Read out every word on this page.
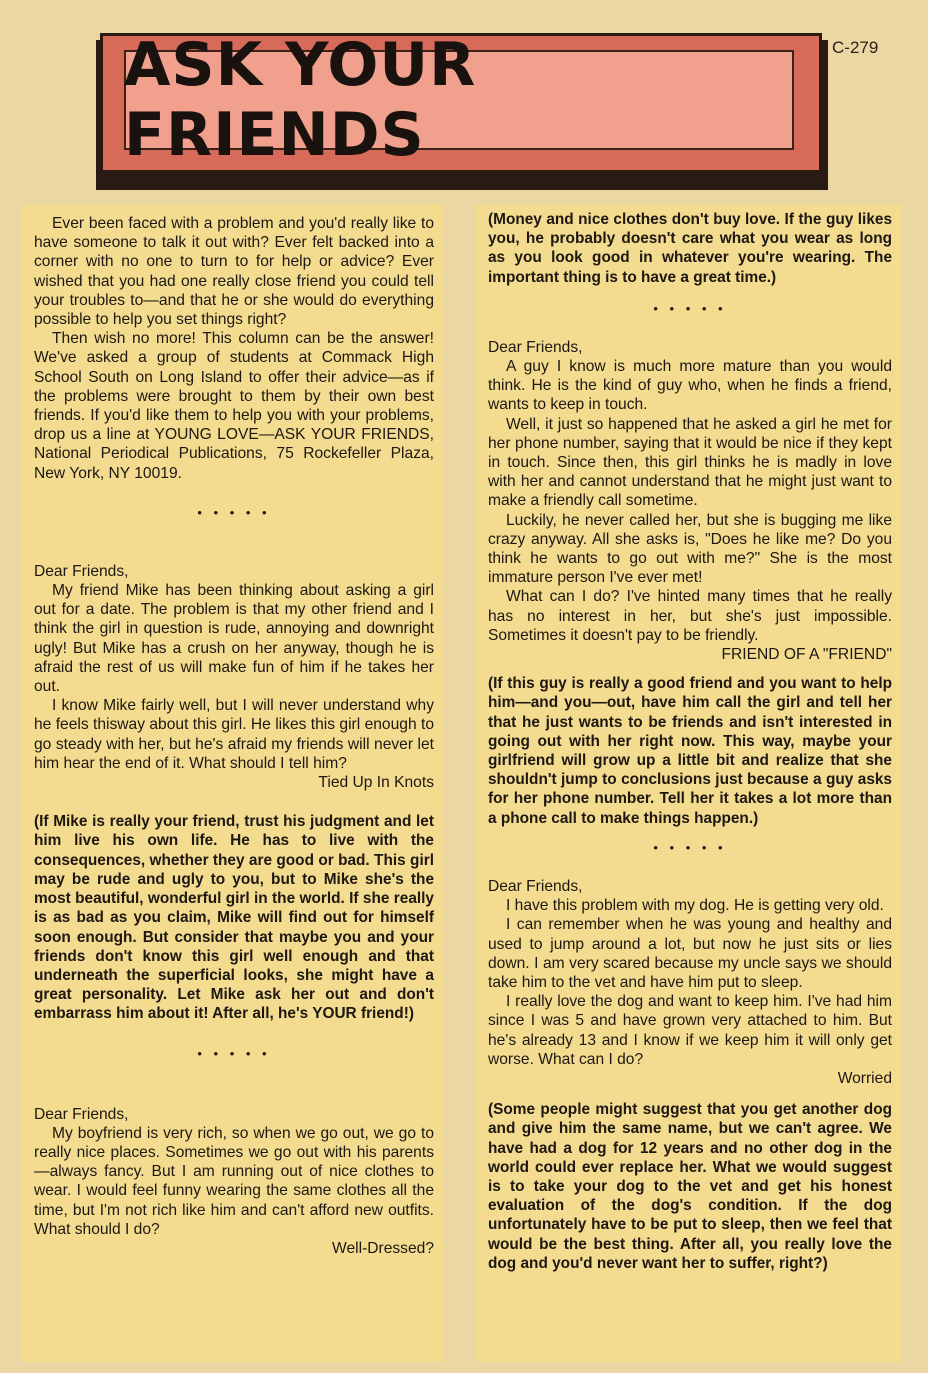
C-279
ASK YOUR FRIENDS

Ever been faced with a problem and you'd really like to have someone to talk it out with? Ever felt backed into a corner with no one to turn to for help or advice? Ever wished that you had one really close friend you could tell your troubles to—and that he or she would do everything possible to help you set things right?

Then wish no more! This column can be the answer! We've asked a group of students at Commack High School South on Long Island to offer their advice—as if the problems were brought to them by their own best friends. If you'd like them to help you with your problems, drop us a line at YOUNG LOVE—ASK YOUR FRIENDS, National Periodical Publications, 75 Rockefeller Plaza, New York, NY 10019.

• • • • •

Dear Friends,

My friend Mike has been thinking about asking a girl out for a date. The problem is that my other friend and I think the girl in question is rude, annoying and downright ugly! But Mike has a crush on her anyway, though he is afraid the rest of us will make fun of him if he takes her out.

I know Mike fairly well, but I will never understand why he feels thisway about this girl. He likes this girl enough to go steady with her, but he's afraid my friends will never let him hear the end of it. What should I tell him?

Tied Up In Knots

(If Mike is really your friend, trust his judgment and let him live his own life. He has to live with the consequences, whether they are good or bad. This girl may be rude and ugly to you, but to Mike she's the most beautiful, wonderful girl in the world. If she really is as bad as you claim, Mike will find out for himself soon enough. But consider that maybe you and your friends don't know this girl well enough and that underneath the superficial looks, she might have a great personality. Let Mike ask her out and don't embarrass him about it! After all, he's YOUR friend!)

• • • • •

Dear Friends,

My boyfriend is very rich, so when we go out, we go to really nice places. Sometimes we go out with his parents—always fancy. But I am running out of nice clothes to wear. I would feel funny wearing the same clothes all the time, but I'm not rich like him and can't afford new outfits. What should I do?

Well-Dressed?

(Money and nice clothes don't buy love. If the guy likes you, he probably doesn't care what you wear as long as you look good in whatever you're wearing. The important thing is to have a great time.)

• • • • •

Dear Friends,

A guy I know is much more mature than you would think. He is the kind of guy who, when he finds a friend, wants to keep in touch.

Well, it just so happened that he asked a girl he met for her phone number, saying that it would be nice if they kept in touch. Since then, this girl thinks he is madly in love with her and cannot understand that he might just want to make a friendly call sometime.

Luckily, he never called her, but she is bugging me like crazy anyway. All she asks is, "Does he like me? Do you think he wants to go out with me?" She is the most immature person I've ever met!

What can I do? I've hinted many times that he really has no interest in her, but she's just impossible. Sometimes it doesn't pay to be friendly.

FRIEND OF A "FRIEND"

(If this guy is really a good friend and you want to help him—and you—out, have him call the girl and tell her that he just wants to be friends and isn't interested in going out with her right now. This way, maybe your girlfriend will grow up a little bit and realize that she shouldn't jump to conclusions just because a guy asks for her phone number. Tell her it takes a lot more than a phone call to make things happen.)

• • • • •

Dear Friends,

I have this problem with my dog. He is getting very old.

I can remember when he was young and healthy and used to jump around a lot, but now he just sits or lies down. I am very scared because my uncle says we should take him to the vet and have him put to sleep.

I really love the dog and want to keep him. I've had him since I was 5 and have grown very attached to him. But he's already 13 and I know if we keep him it will only get worse. What can I do?

Worried

(Some people might suggest that you get another dog and give him the same name, but we can't agree. We have had a dog for 12 years and no other dog in the world could ever replace her. What we would suggest is to take your dog to the vet and get his honest evaluation of the dog's condition. If the dog unfortunately have to be put to sleep, then we feel that would be the best thing. After all, you really love the dog and you'd never want her to suffer, right?)
